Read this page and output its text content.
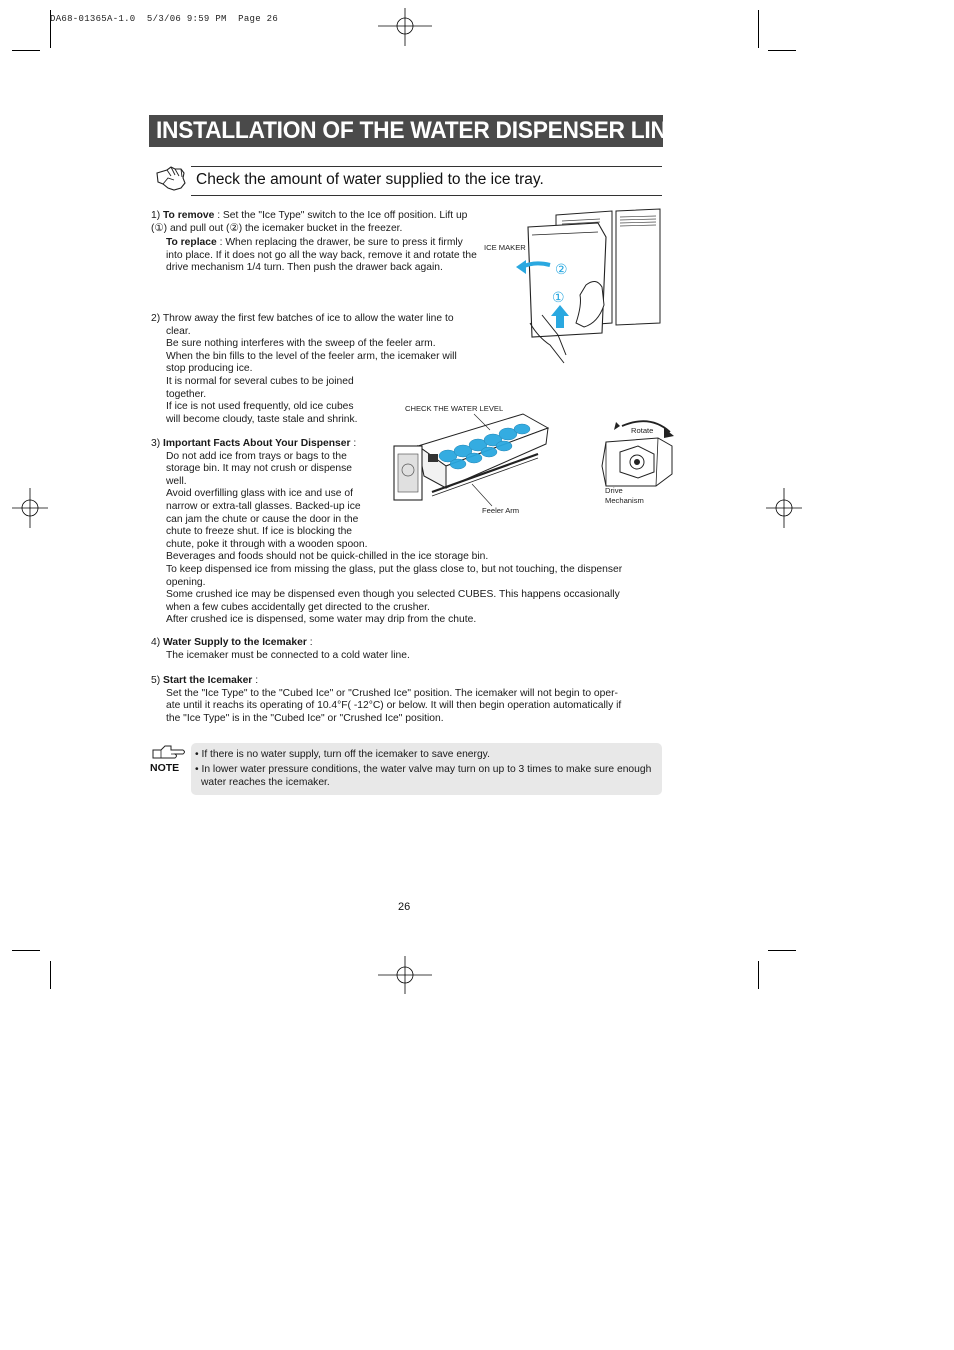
DA68-01365A-1.0  5/3/06 9:59 PM  Page 26
INSTALLATION OF THE WATER DISPENSER LINE
Check the amount of water supplied to the ice tray.
1) To remove : Set the "Ice Type" switch to the Ice off position. Lift up (①) and pull out (②) the icemaker bucket in the freezer.
To replace : When replacing the drawer, be sure to press it firmly into place. If it does not go all the way back, remove it and rotate the drive mechanism 1/4 turn. Then push the drawer back again.
2) Throw away the first few batches of ice to allow the water line to
clear.
Be sure nothing interferes with the sweep of the feeler arm.
When the bin fills to the level of the feeler arm, the icemaker will
stop producing ice.
It is normal for several cubes to be joined
together.
If ice is not used frequently, old ice cubes
will become cloudy, taste stale and shrink.
3) Important Facts About Your Dispenser :
Do not add ice from trays or bags to the
storage bin. It may not crush or dispense
well.
Avoid overfilling glass with ice and use of
narrow or extra-tall glasses. Backed-up ice
can jam the chute or cause the door in the
chute to freeze shut. If ice is blocking the
chute, poke it through with a wooden spoon.
Beverages and foods should not be quick-chilled in the ice storage bin.
To keep dispensed ice from missing the glass, put the glass close to, but not touching, the dispenser
opening.
Some crushed ice may be dispensed even though you selected CUBES. This happens occasionally
when a few cubes accidentally get directed to the crusher.
After crushed ice is dispensed, some water may drip from the chute.
4) Water Supply to the Icemaker :
The icemaker must be connected to a cold water line.
5) Start the Icemaker :
Set the "Ice Type" to the "Cubed Ice" or "Crushed Ice" position. The icemaker will not begin to oper-
ate until it reachs its operating of 10.4°F( -12°C) or below. It will then begin operation automatically if
the "Ice Type" is in the "Cubed Ice" or "Crushed Ice" position.
ICE MAKER
②
①
CHECK THE WATER LEVEL
Feeler Arm
Rotate
Drive
Mechanism
NOTE
• If there is no water supply, turn off the icemaker to save energy.
• In lower water pressure conditions, the water valve may turn on up to 3 times to make sure enough
water reaches the icemaker.
26
